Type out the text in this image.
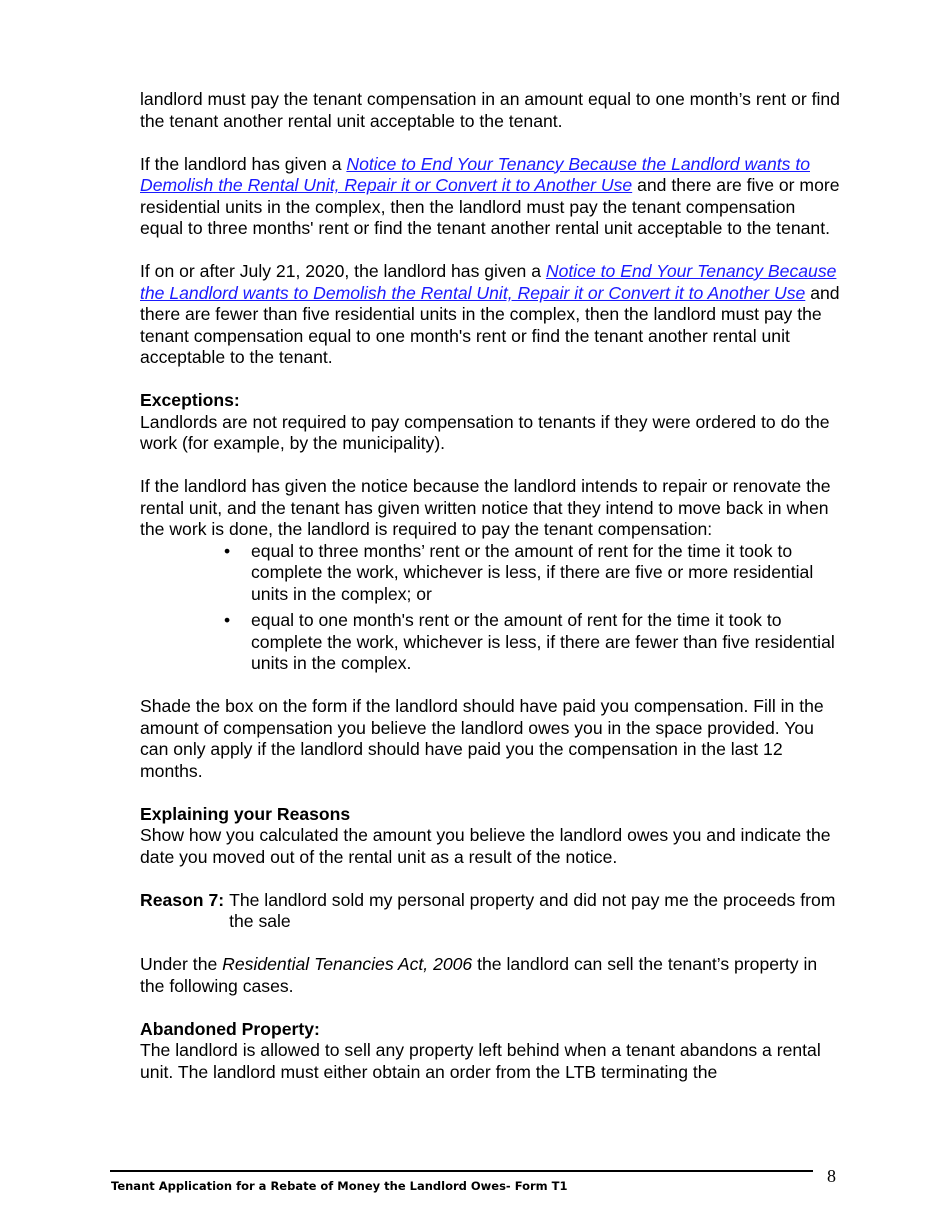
landlord must pay the tenant compensation in an amount equal to one month’s rent or find the tenant another rental unit acceptable to the tenant.

If the landlord has given a Notice to End Your Tenancy Because the Landlord wants to Demolish the Rental Unit, Repair it or Convert it to Another Use and there are five or more residential units in the complex, then the landlord must pay the tenant compensation equal to three months' rent or find the tenant another rental unit acceptable to the tenant.

If on or after July 21, 2020, the landlord has given a Notice to End Your Tenancy Because the Landlord wants to Demolish the Rental Unit, Repair it or Convert it to Another Use and there are fewer than five residential units in the complex, then the landlord must pay the tenant compensation equal to one month's rent or find the tenant another rental unit acceptable to the tenant.

Exceptions:

Landlords are not required to pay compensation to tenants if they were ordered to do the work (for example, by the municipality).

If the landlord has given the notice because the landlord intends to repair or renovate the rental unit, and the tenant has given written notice that they intend to move back in when the work is done, the landlord is required to pay the tenant compensation:

• equal to three months’ rent or the amount of rent for the time it took to complete the work, whichever is less, if there are five or more residential units in the complex; or
• equal to one month's rent or the amount of rent for the time it took to complete the work, whichever is less, if there are fewer than five residential units in the complex.

Shade the box on the form if the landlord should have paid you compensation. Fill in the amount of compensation you believe the landlord owes you in the space provided. You can only apply if the landlord should have paid you the compensation in the last 12 months.

Explaining your Reasons

Show how you calculated the amount you believe the landlord owes you and indicate the date you moved out of the rental unit as a result of the notice.

Reason 7: The landlord sold my personal property and did not pay me the proceeds from the sale

Under the Residential Tenancies Act, 2006 the landlord can sell the tenant’s property in the following cases.

Abandoned Property:

The landlord is allowed to sell any property left behind when a tenant abandons a rental unit. The landlord must either obtain an order from the LTB terminating the

Tenant Application for a Rebate of Money the Landlord Owes- Form T1	8
